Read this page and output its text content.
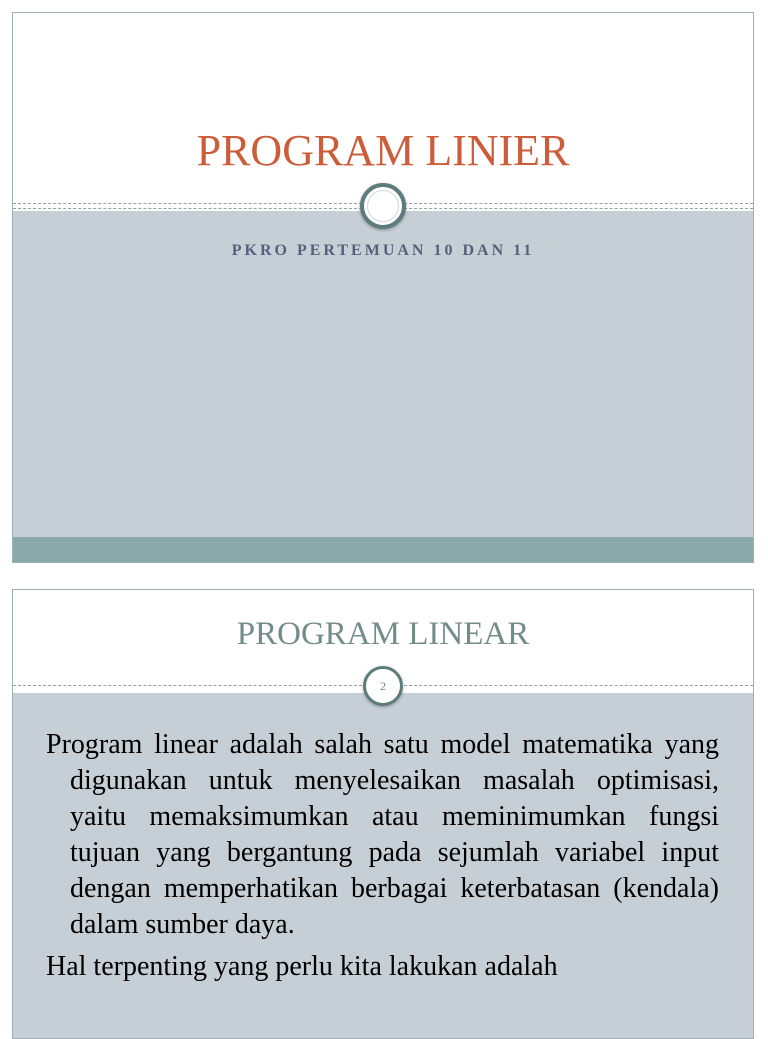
PROGRAM LINIER
PKRO PERTEMUAN 10 DAN 11
PROGRAM LINEAR
2

Program linear adalah salah satu model matematika yang digunakan untuk menyelesaikan masalah optimisasi, yaitu memaksimumkan atau meminimumkan fungsi tujuan yang bergantung pada sejumlah variabel input dengan memperhatikan berbagai keterbatasan (kendala) dalam sumber daya.

Hal terpenting yang perlu kita lakukan adalah
